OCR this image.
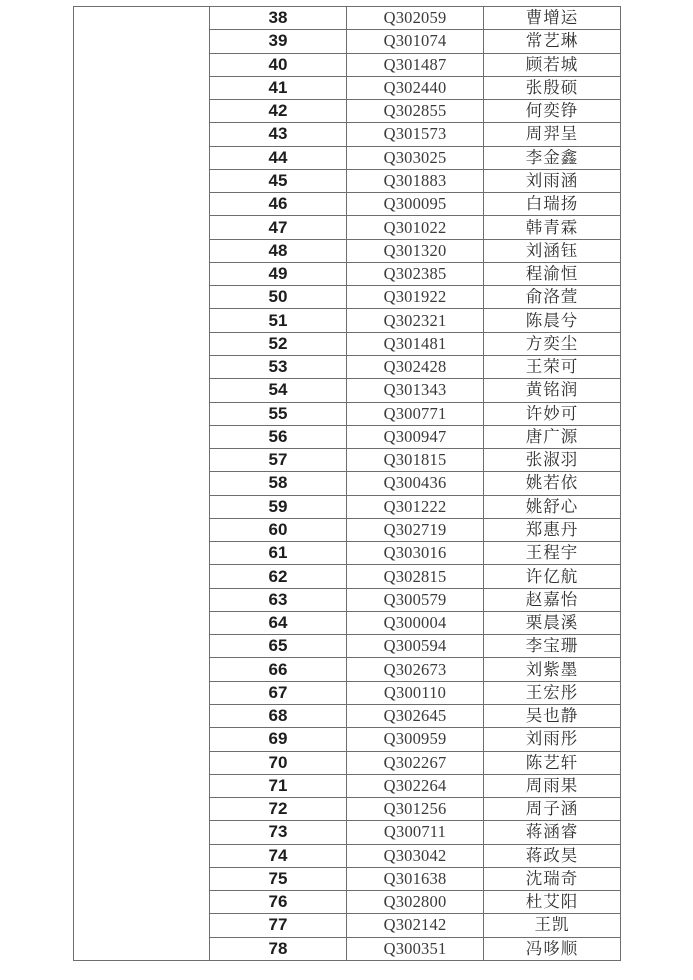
	38	Q302059	曹增运
	39	Q301074	常艺琳
	40	Q301487	顾若城
	41	Q302440	张殷硕
	42	Q302855	何奕铮
	43	Q301573	周羿呈
	44	Q303025	李金鑫
	45	Q301883	刘雨涵
	46	Q300095	白瑞扬
	47	Q301022	韩青霖
	48	Q301320	刘涵钰
	49	Q302385	程渝恒
	50	Q301922	俞洛萱
	51	Q302321	陈晨兮
	52	Q301481	方奕尘
	53	Q302428	王荣可
	54	Q301343	黄铭润
	55	Q300771	许妙可
	56	Q300947	唐广源
	57	Q301815	张淑羽
	58	Q300436	姚若依
	59	Q301222	姚舒心
	60	Q302719	郑惠丹
	61	Q303016	王程宇
	62	Q302815	许亿航
	63	Q300579	赵嘉怡
	64	Q300004	栗晨溪
	65	Q300594	李宝珊
	66	Q302673	刘紫墨
	67	Q300110	王宏彤
	68	Q302645	吴也静
	69	Q300959	刘雨彤
	70	Q302267	陈艺轩
	71	Q302264	周雨果
	72	Q301256	周子涵
	73	Q300711	蒋涵睿
	74	Q303042	蒋政昊
	75	Q301638	沈瑞奇
	76	Q302800	杜艾阳
	77	Q302142	王凯
	78	Q300351	冯哆顺
